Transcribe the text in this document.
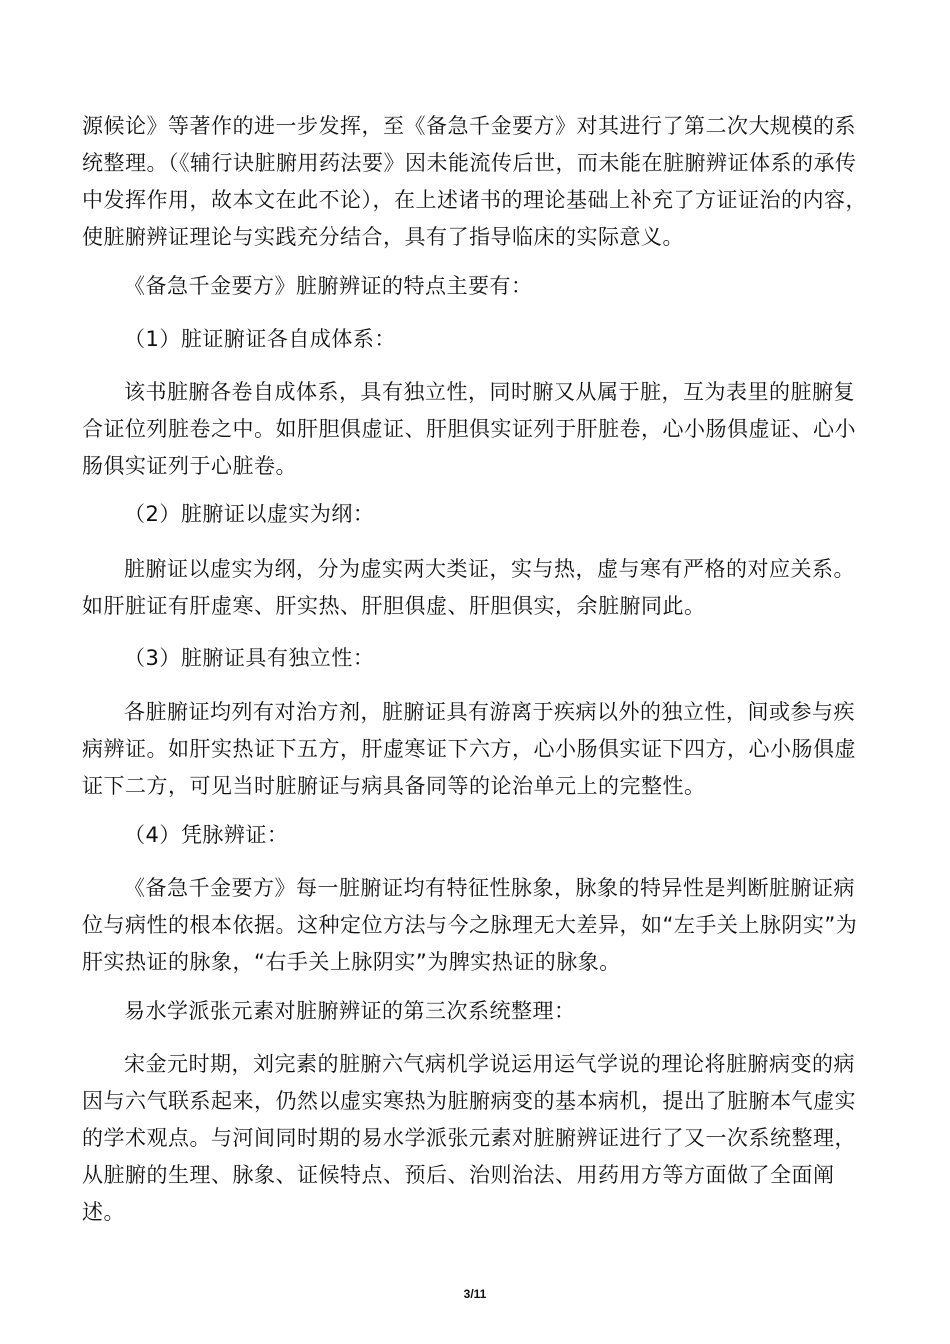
源候论》等著作的进一步发挥，至《备急千金要方》对其进行了第二次大规模的系统整理。（《辅行诀脏腑用药法要》因未能流传后世，而未能在脏腑辨证体系的承传中发挥作用，故本文在此不论），在上述诸书的理论基础上补充了方证证治的内容，使脏腑辨证理论与实践充分结合，具有了指导临床的实际意义。

《备急千金要方》脏腑辨证的特点主要有：

（1）脏证腑证各自成体系：

该书脏腑各卷自成体系，具有独立性，同时腑又从属于脏，互为表里的脏腑复合证位列脏卷之中。如肝胆俱虚证、肝胆俱实证列于肝脏卷，心小肠俱虚证、心小肠俱实证列于心脏卷。

（2）脏腑证以虚实为纲：

脏腑证以虚实为纲，分为虚实两大类证，实与热，虚与寒有严格的对应关系。如肝脏证有肝虚寒、肝实热、肝胆俱虚、肝胆俱实，余脏腑同此。

（3）脏腑证具有独立性：

各脏腑证均列有对治方剂，脏腑证具有游离于疾病以外的独立性，间或参与疾病辨证。如肝实热证下五方，肝虚寒证下六方，心小肠俱实证下四方，心小肠俱虚证下二方，可见当时脏腑证与病具备同等的论治单元上的完整性。

（4）凭脉辨证：

《备急千金要方》每一脏腑证均有特征性脉象，脉象的特异性是判断脏腑证病位与病性的根本依据。这种定位方法与今之脉理无大差异，如“左手关上脉阴实”为肝实热证的脉象，“右手关上脉阴实”为脾实热证的脉象。

易水学派张元素对脏腑辨证的第三次系统整理：

宋金元时期，刘完素的脏腑六气病机学说运用运气学说的理论将脏腑病变的病因与六气联系起来，仍然以虚实寒热为脏腑病变的基本病机，提出了脏腑本气虚实的学术观点。与河间同时期的易水学派张元素对脏腑辨证进行了又一次系统整理，从脏腑的生理、脉象、证候特点、预后、治则治法、用药用方等方面做了全面阐述。

3/11
